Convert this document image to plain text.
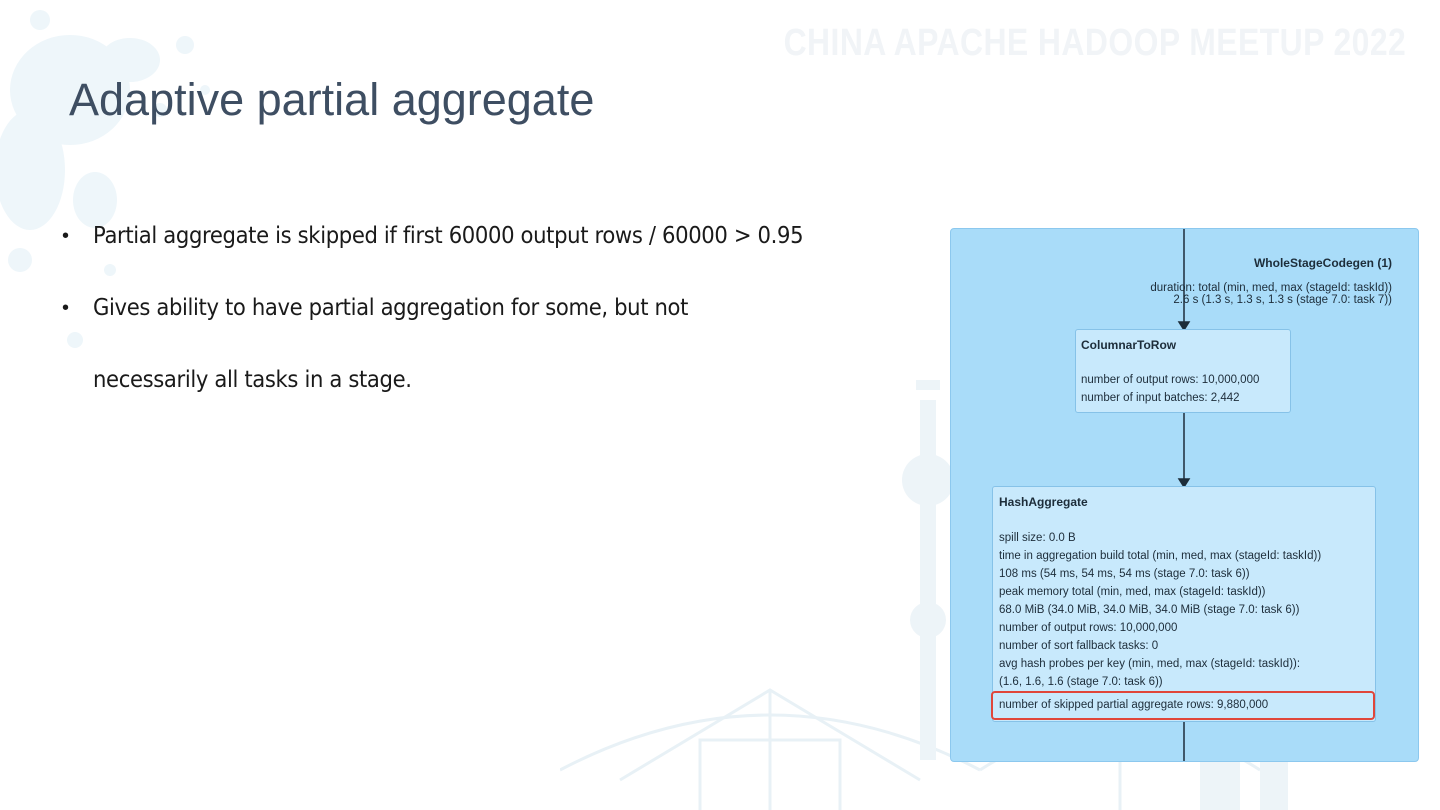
CHINA APACHE HADOOP MEETUP 2022
Adaptive partial aggregate
•	Partial aggregate is skipped if first 60000 output rows / 60000 > 0.95
•	Gives ability to have partial aggregation for some, but not
necessarily all tasks in a stage.
WholeStageCodegen (1)
duration: total (min, med, max (stageId: taskId))
2.6 s (1.3 s, 1.3 s, 1.3 s (stage 7.0: task 7))
ColumnarToRow
number of output rows: 10,000,000
number of input batches: 2,442
HashAggregate
spill size: 0.0 B
time in aggregation build total (min, med, max (stageId: taskId))
108 ms (54 ms, 54 ms, 54 ms (stage 7.0: task 6))
peak memory total (min, med, max (stageId: taskId))
68.0 MiB (34.0 MiB, 34.0 MiB, 34.0 MiB (stage 7.0: task 6))
number of output rows: 10,000,000
number of sort fallback tasks: 0
avg hash probes per key (min, med, max (stageId: taskId)):
(1.6, 1.6, 1.6 (stage 7.0: task 6))
number of skipped partial aggregate rows: 9,880,000
